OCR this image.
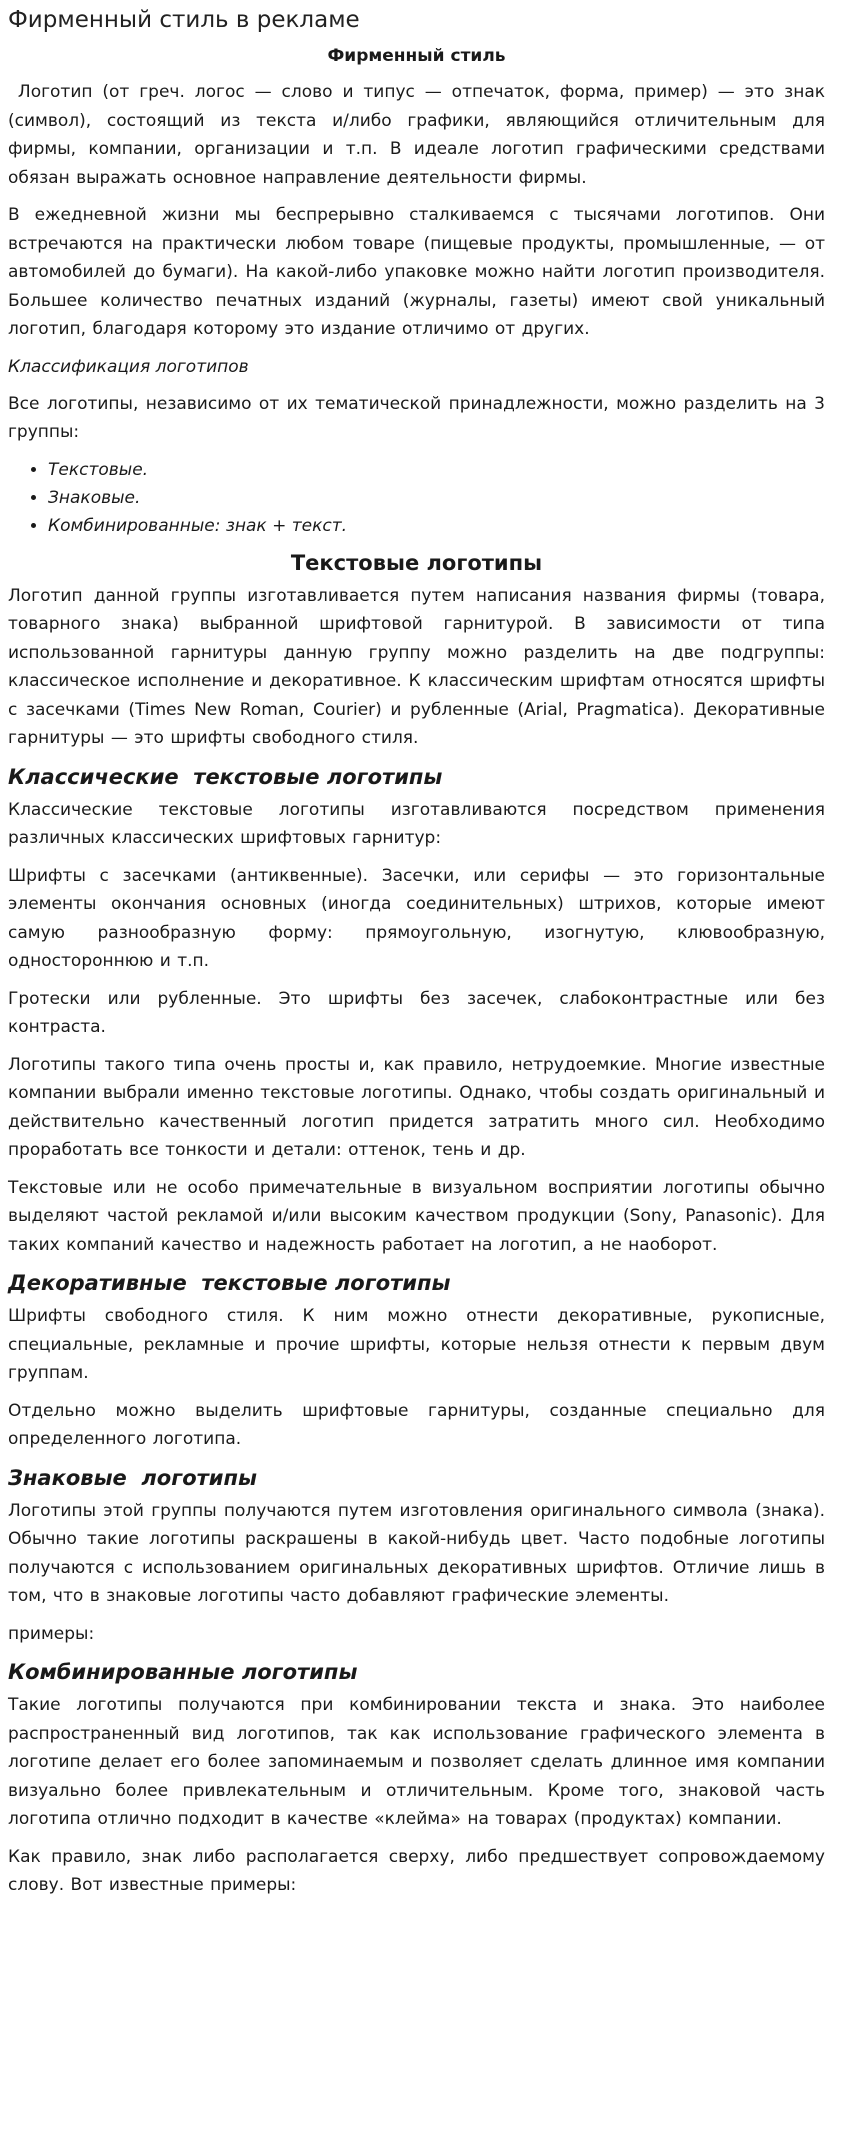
Фирменный стиль в рекламе
Фирменный стиль

Логотип (от греч. логос — слово и типус — отпечаток, форма, пример) — это знак (символ), состоящий из текста и/либо графики, являющийся отличительным для фирмы, компании, организации и т.п. В идеале логотип графическими средствами обязан выражать основное направление деятельности фирмы.

В ежедневной жизни мы беспрерывно сталкиваемся с тысячами логотипов. Они встречаются на практически любом товаре (пищевые продукты, промышленные, — от автомобилей до бумаги). На какой-либо упаковке можно найти логотип производителя. Большее количество печатных изданий (журналы, газеты) имеют свой уникальный логотип, благодаря которому это издание отличимо от других.

Классификация логотипов

Все логотипы, независимо от их тематической принадлежности, можно разделить на 3 группы:

• Текстовые.
• Знаковые.
• Комбинированные: знак + текст.
Текстовые логотипы

Логотип данной группы изготавливается путем написания названия фирмы (товара, товарного знака) выбранной шрифтовой гарнитурой. В зависимости от типа использованной гарнитуры данную группу можно разделить на две подгруппы: классическое исполнение и декоративное. К классическим шрифтам относятся шрифты с засечками (Times New Roman, Courier) и рубленные (Arial, Pragmatica). Декоративные гарнитуры — это шрифты свободного стиля.

Классические  текстовые логотипы

Классические текстовые логотипы изготавливаются посредством применения различных классических шрифтовых гарнитур:

Шрифты с засечками (антиквенные). Засечки, или серифы — это горизонтальные элементы окончания основных (иногда соединительных) штрихов, которые имеют самую разнообразную форму: прямоугольную, изогнутую, клювообразную, одностороннюю и т.п.

Гротески или рубленные. Это шрифты без засечек, слабоконтрастные или без контраста.

Логотипы такого типа очень просты и, как правило, нетрудоемкие. Многие известные компании выбрали именно текстовые логотипы. Однако, чтобы создать оригинальный и действительно качественный логотип придется затратить много сил. Необходимо проработать все тонкости и детали: оттенок, тень и др.

Текстовые или не особо примечательные в визуальном восприятии логотипы обычно выделяют частой рекламой и/или высоким качеством продукции (Sony, Panasonic). Для таких компаний качество и надежность работает на логотип, а не наоборот.

Декоративные  текстовые логотипы

Шрифты свободного стиля. К ним можно отнести декоративные, рукописные, специальные, рекламные и прочие шрифты, которые нельзя отнести к первым двум группам.

Отдельно можно выделить шрифтовые гарнитуры, созданные специально для определенного логотипа.

Знаковые  логотипы

Логотипы этой группы получаются путем изготовления оригинального символа (знака). Обычно такие логотипы раскрашены в какой-нибудь цвет. Часто подобные логотипы получаются с использованием оригинальных декоративных шрифтов. Отличие лишь в том, что в знаковые логотипы часто добавляют графические элементы.

примеры:

Комбинированные логотипы

Такие логотипы получаются при комбинировании текста и знака. Это наиболее распространенный вид логотипов, так как использование графического элемента в логотипе делает его более запоминаемым и позволяет сделать длинное имя компании визуально более привлекательным и отличительным. Кроме того, знаковой часть логотипа отлично подходит в качестве «клейма» на товарах (продуктах) компании.

Как правило, знак либо располагается сверху, либо предшествует сопровождаемому слову. Вот известные примеры:
